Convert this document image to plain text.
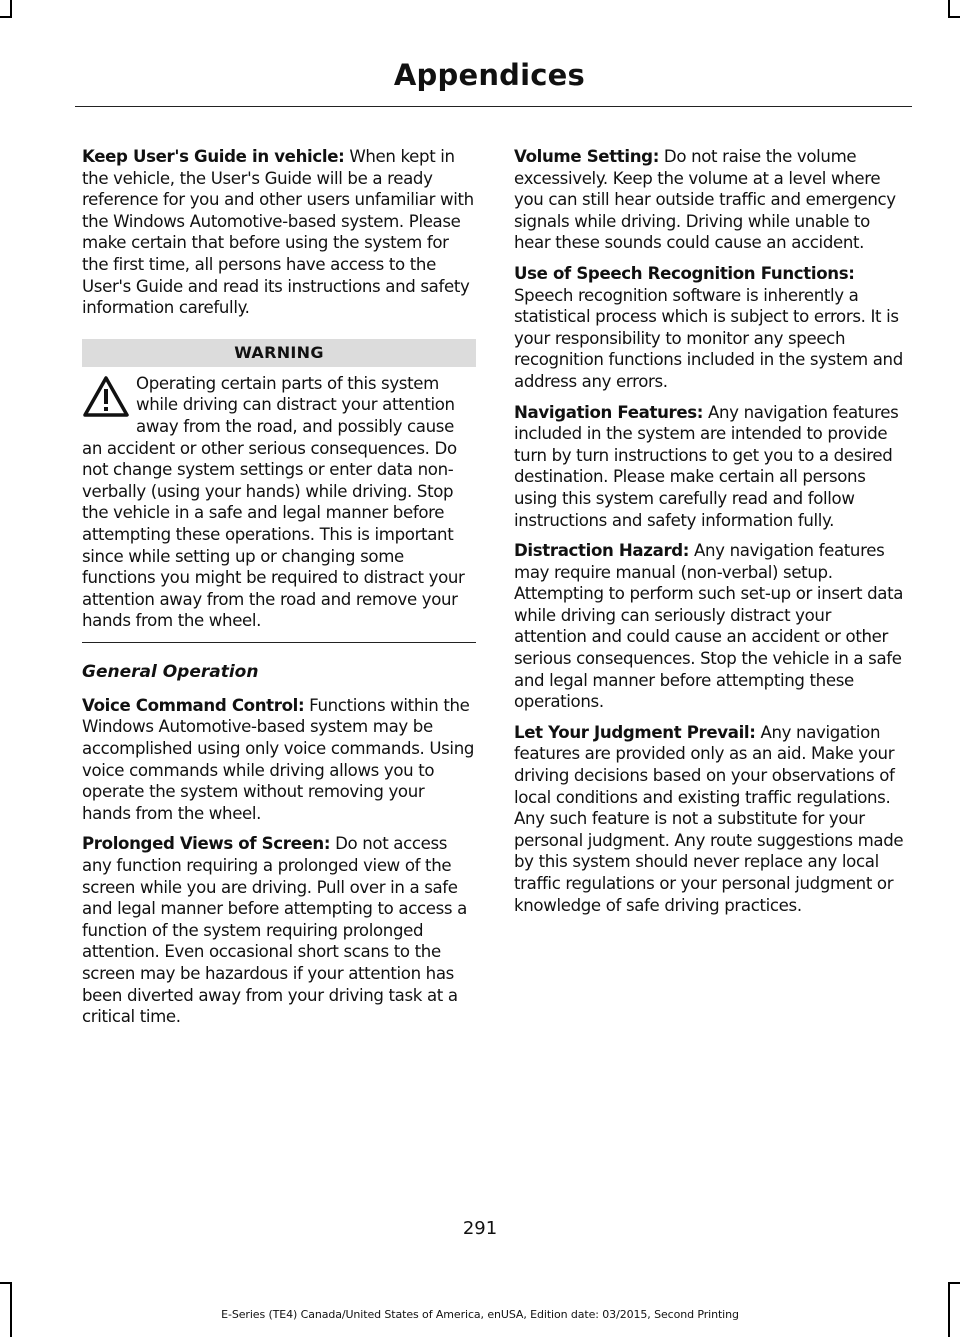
Appendices

Keep User's Guide in vehicle: When kept in the vehicle, the User's Guide will be a ready reference for you and other users unfamiliar with the Windows Automotive-based system. Please make certain that before using the system for the first time, all persons have access to the User's Guide and read its instructions and safety information carefully.

WARNING

Operating certain parts of this system while driving can distract your attention away from the road, and possibly cause an accident or other serious consequences. Do not change system settings or enter data non-verbally (using your hands) while driving. Stop the vehicle in a safe and legal manner before attempting these operations. This is important since while setting up or changing some functions you might be required to distract your attention away from the road and remove your hands from the wheel.

General Operation

Voice Command Control: Functions within the Windows Automotive-based system may be accomplished using only voice commands. Using voice commands while driving allows you to operate the system without removing your hands from the wheel.

Prolonged Views of Screen: Do not access any function requiring a prolonged view of the screen while you are driving. Pull over in a safe and legal manner before attempting to access a function of the system requiring prolonged attention. Even occasional short scans to the screen may be hazardous if your attention has been diverted away from your driving task at a critical time.

Volume Setting: Do not raise the volume excessively. Keep the volume at a level where you can still hear outside traffic and emergency signals while driving. Driving while unable to hear these sounds could cause an accident.

Use of Speech Recognition Functions: Speech recognition software is inherently a statistical process which is subject to errors. It is your responsibility to monitor any speech recognition functions included in the system and address any errors.

Navigation Features: Any navigation features included in the system are intended to provide turn by turn instructions to get you to a desired destination. Please make certain all persons using this system carefully read and follow instructions and safety information fully.

Distraction Hazard: Any navigation features may require manual (non-verbal) setup. Attempting to perform such set-up or insert data while driving can seriously distract your attention and could cause an accident or other serious consequences. Stop the vehicle in a safe and legal manner before attempting these operations.

Let Your Judgment Prevail: Any navigation features are provided only as an aid. Make your driving decisions based on your observations of local conditions and existing traffic regulations. Any such feature is not a substitute for your personal judgment. Any route suggestions made by this system should never replace any local traffic regulations or your personal judgment or knowledge of safe driving practices.

291
E-Series (TE4) Canada/United States of America, enUSA, Edition date: 03/2015, Second Printing
